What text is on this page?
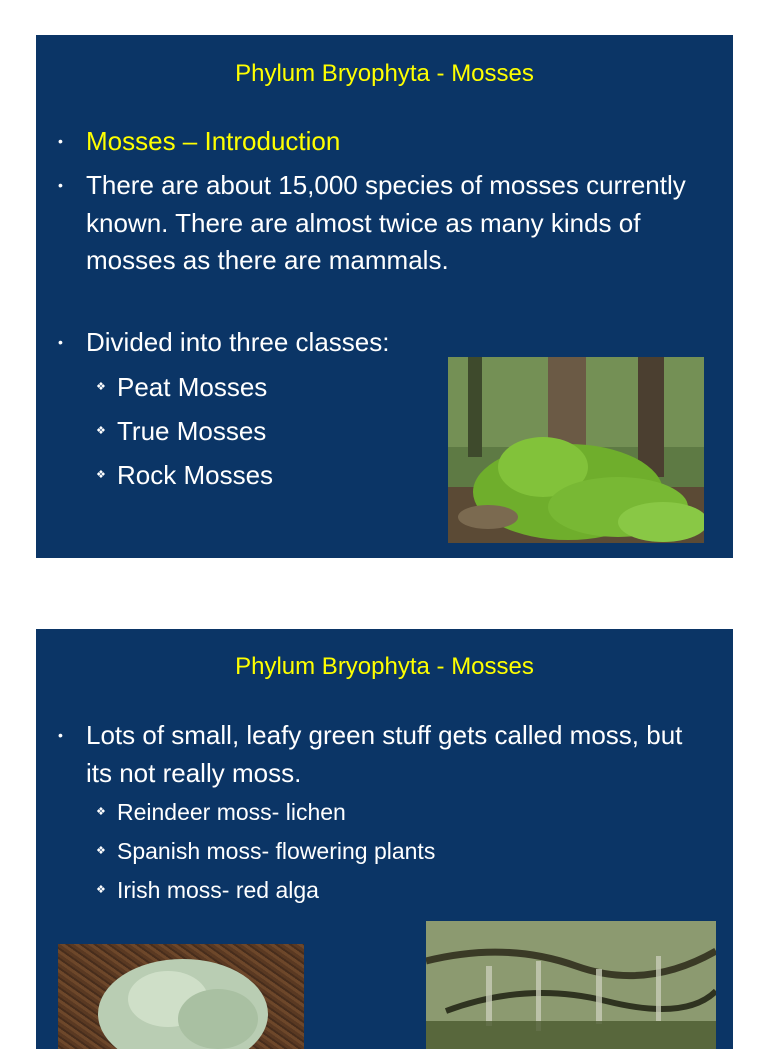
Phylum Bryophyta - Mosses
• Mosses – Introduction
• There are about 15,000 species of mosses currently known. There are almost twice as many kinds of mosses as there are mammals.
• Divided into three classes:
❖ Peat Mosses
❖ True Mosses
❖ Rock Mosses
Phylum Bryophyta - Mosses
• Lots of small, leafy green stuff gets called moss, but its not really moss.
❖ Reindeer moss- lichen
❖ Spanish moss- flowering plants
❖ Irish moss- red alga
